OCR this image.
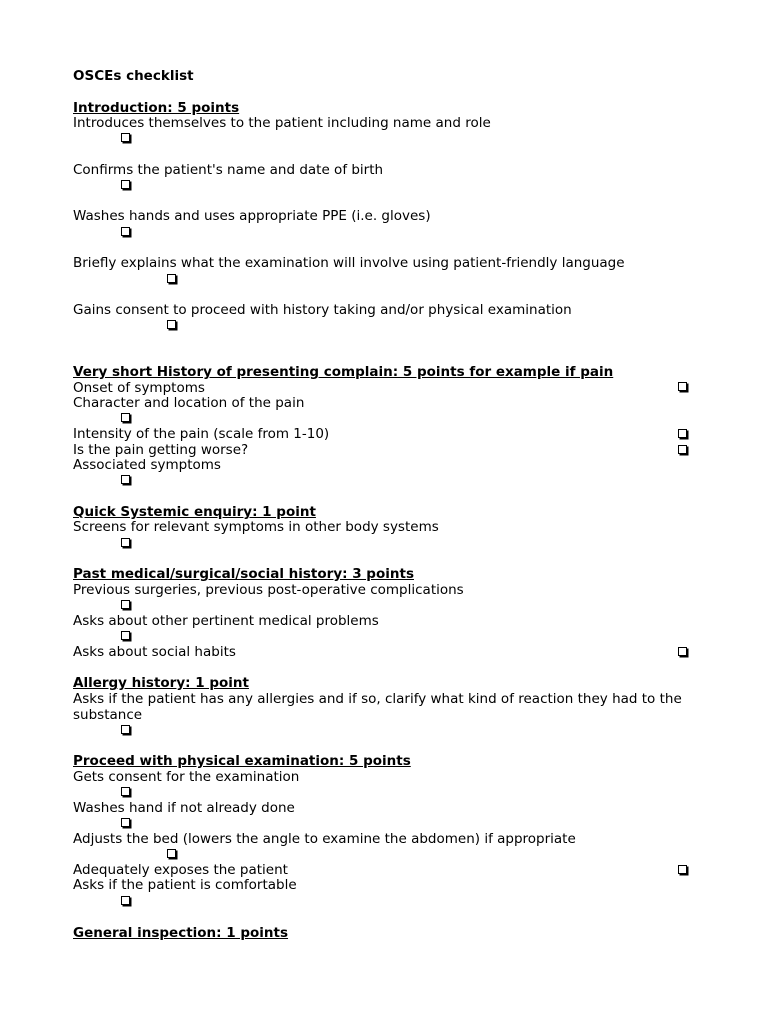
OSCEs checklist
Introduction: 5 points
Introduces themselves to the patient including name and role
Confirms the patient's name and date of birth
Washes hands and uses appropriate PPE (i.e. gloves)
Briefly explains what the examination will involve using patient-friendly language
Gains consent to proceed with history taking and/or physical examination
Very short History of presenting complain: 5 points for example if pain
Onset of symptoms
Character and location of the pain
Intensity of the pain (scale from 1-10)
Is the pain getting worse?
Associated symptoms
Quick Systemic enquiry: 1 point
Screens for relevant symptoms in other body systems
Past medical/surgical/social history: 3 points
Previous surgeries, previous post-operative complications
Asks about other pertinent medical problems
Asks about social habits
Allergy history: 1 point
Asks if the patient has any allergies and if so, clarify what kind of reaction they had to the substance
Proceed with physical examination: 5 points
Gets consent for the examination
Washes hand if not already done
Adjusts the bed (lowers the angle to examine the abdomen) if appropriate
Adequately exposes the patient
Asks if the patient is comfortable
General inspection: 1 points
